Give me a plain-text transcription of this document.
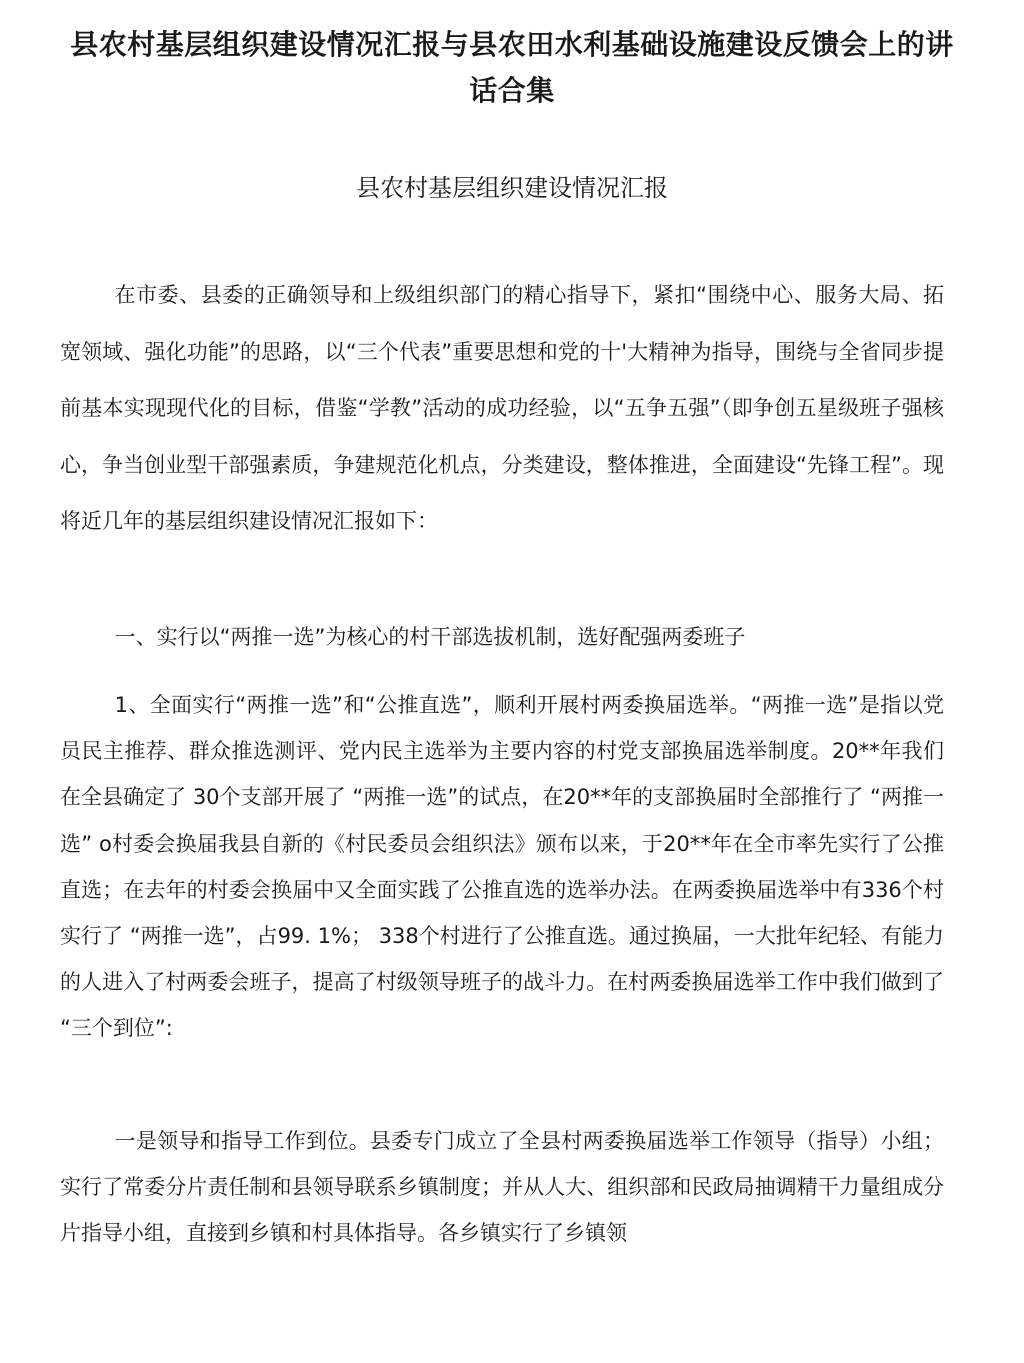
县农村基层组织建设情况汇报与县农田水利基础设施建设反馈会上的讲话合集
县农村基层组织建设情况汇报

在市委、县委的正确领导和上级组织部门的精心指导下，紧扣“围绕中心、服务大局、拓宽领域、强化功能”的思路，以“三个代表”重要思想和党的十'大精神为指导，围绕与全省同步提前基本实现现代化的目标，借鉴“学教”活动的成功经验，以“五争五强”（即争创五星级班子强核心，争当创业型干部强素质，争建规范化机点，分类建设，整体推进，全面建设“先锋工程”。现将近几年的基层组织建设情况汇报如下：

一、实行以“两推一选”为核心的村干部选拔机制，选好配强两委班子

1、全面实行“两推一选”和“公推直选”，顺利开展村两委换届选举。“两推一选”是指以党员民主推荐、群众推选测评、党内民主选举为主要内容的村党支部换届选举制度。20**年我们在全县确定了 30个支部开展了 “两推一选”的试点，在20**年的支部换届时全部推行了 “两推一选” o村委会换届我县自新的《村民委员会组织法》颁布以来，于20**年在全市率先实行了公推直选；在去年的村委会换届中又全面实践了公推直选的选举办法。在两委换届选举中有336个村实行了 “两推一选”，占99. 1%； 338个村进行了公推直选。通过换届，一大批年纪轻、有能力的人进入了村两委会班子，提高了村级领导班子的战斗力。在村两委换届选举工作中我们做到了 “三个到位”:

一是领导和指导工作到位。县委专门成立了全县村两委换届选举工作领导（指导）小组；实行了常委分片责任制和县领导联系乡镇制度；并从人大、组织部和民政局抽调精干力量组成分片指导小组，直接到乡镇和村具体指导。各乡镇实行了乡镇领
